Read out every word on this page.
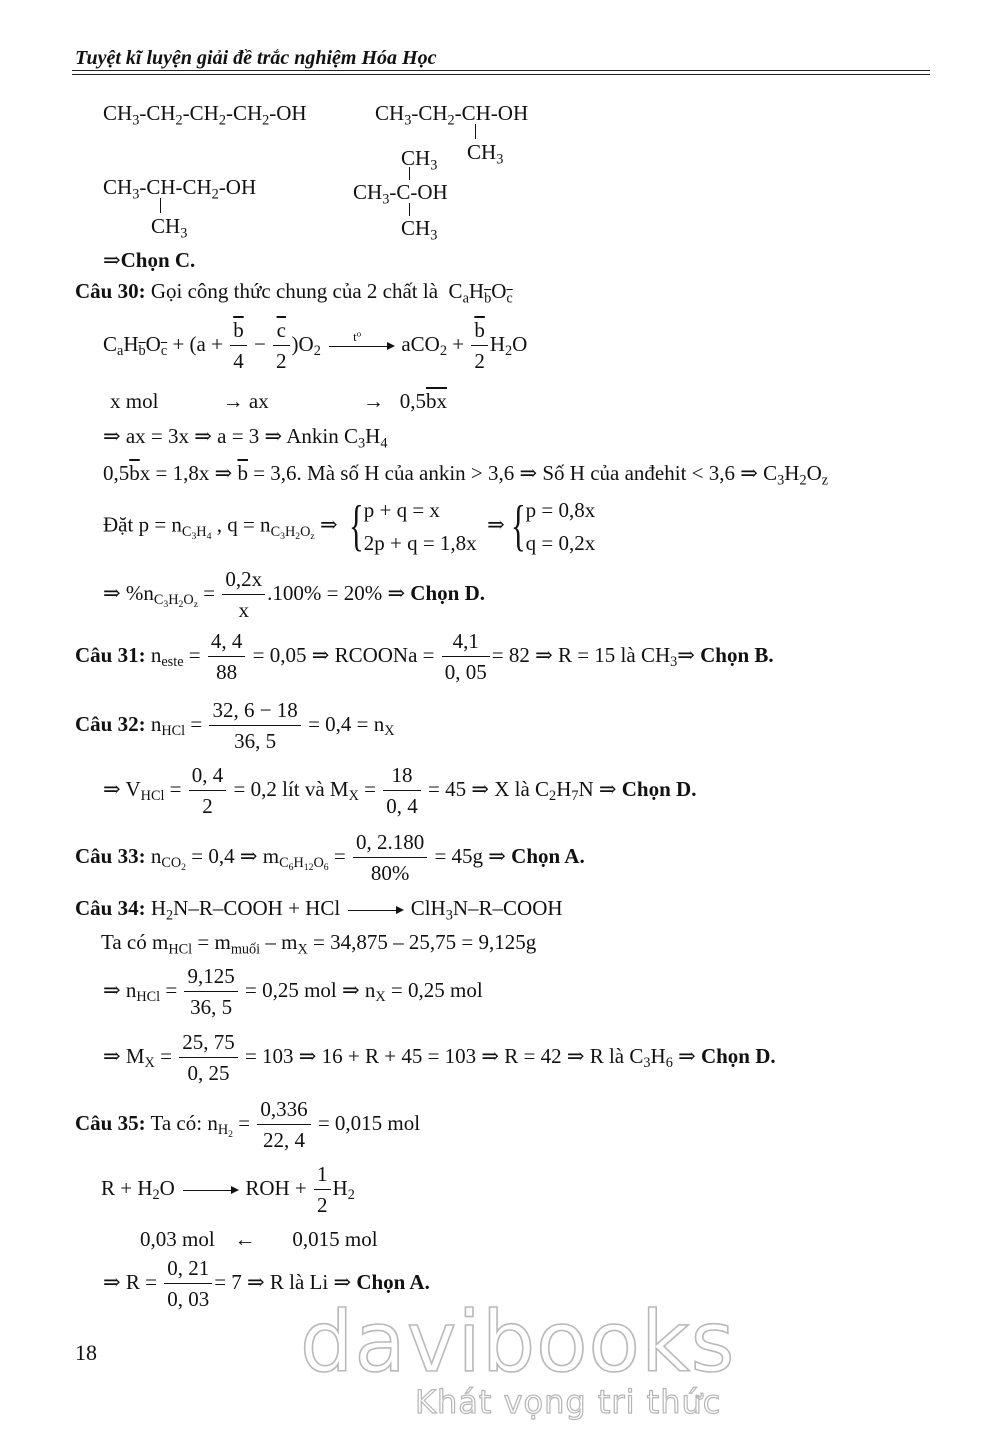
Tuyệt kĩ luyện giải đề trắc nghiệm Hóa Học
$CH_3-CH_2-CH_2-CH_2-OH$	$CH_3-CH_2-CH-OH$
$CH_3$
$CH_3-CH-CH_2-OH$
$CH_3$
$CH_3$
$CH_3-C-OH$
$CH_3$
⇒Chọn C.
Câu 30: Gọi công thức chung của 2 chất là  $C_aH_{\overline{b}}O_{\overline{c}}$
$C_aH_{\overline{b}}O_{\overline{c}} + (a + \frac{\overline{b}}{4} - \frac{\overline{c}}{2} )O_2$
$t^o$ $aCO_2 + \frac{\overline{b}}{2} H_2O$
x mol	→ ax	→ $0,5\overline{bx}$
⇒ ax = 3x ⇒ a = 3 ⇒ Ankin $C_3H_4$
$0,5\overline{b}x = 1,8x$ ⇒ $\overline{b} = 3,6$. Mà số H của ankin > 3,6 ⇒ Số H của anđehit < 3,6 ⇒ $C_3H_2O_z$
Đặt $p = n_{C_3H_4}$ , $q = n_{C_3H_2O_z}$ ⇒ {p + q = x
2p + q = 1,8x  ⇒ {p = 0,8x
q = 0,2x
⇒ $\%n_{C_3H_2O_z} = \frac{0,2x}{x} .100\% = 20\%$ ⇒ Chọn D.
Câu 31: $n_{este} = \frac{4, 4}{88} = 0,05$ ⇒ RCOONa = $\frac{4,1}{0, 05} = 82$ ⇒ R = 15 là $CH_3\Rightarrow$ Chọn B.
Câu 32: $n_{HCl} = \frac{32, 6 - 18}{36, 5} = 0,4 = n_X$
⇒ $V_{HCl} = \frac{0, 4}{2} = 0,2$ lít và $M_X = \frac{18}{0, 4} = 45$ ⇒ X là $C_2H_7N$ ⇒ Chọn D.
Câu 33: $n_{CO_2} = 0,4$ ⇒ $m_{C_6H_{12}O_6} = \frac{0, 2.180}{80\%} = 45g$ ⇒ Chọn A.
Câu 34: $H_2N-R$–COOH + HCl	ClH$_3$N–R–COOH
Ta có $m_{HCl} = m_{muối} - m_X = 34,875 - 25,75 = 9,125g$
⇒ $n_{HCl} = \frac{9,125}{36, 5} = 0,25$ mol ⇒ $n_X = 0,25$ mol
⇒ $M_X = \frac{25, 75}{0, 25} = 103$ ⇒ 16 + R + 45 = 103 ⇒ R = 42 ⇒ R là $C_3H_6$ ⇒ Chọn D.
Câu 35: Ta có: $n_{H_2} = \frac{0,336}{22, 4} = 0,015$ mol
$R + H_2O$	ROH + $\frac{1}{2} H_2$
0,03 mol ← 0,015 mol
⇒ $R = \frac{0, 21}{0, 03} = 7$ ⇒ R là Li ⇒ Chọn A.
18 davibooks
Khát vọng tri thức
